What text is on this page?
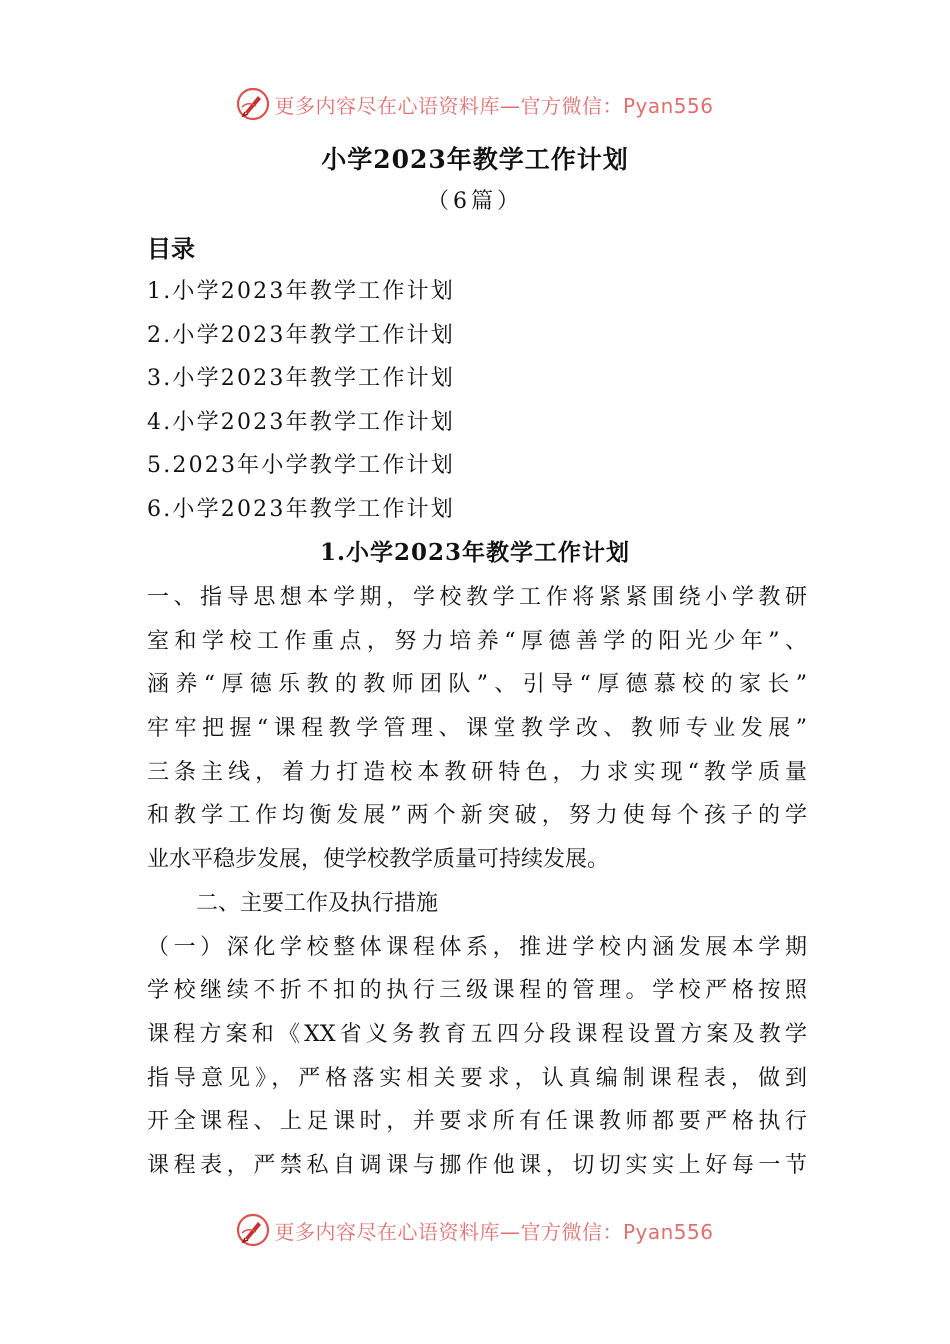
更多内容尽在心语资料库—官方微信：Pyan556
小学2023年教学工作计划
（6篇）
目录
1.小学2023年教学工作计划
2.小学2023年教学工作计划
3.小学2023年教学工作计划
4.小学2023年教学工作计划
5.2023年小学教学工作计划
6.小学2023年教学工作计划
1.小学2023年教学工作计划
一、指导思想本学期，学校教学工作将紧紧围绕小学教研
室和学校工作重点，努力培养“厚德善学的阳光少年”、
涵养“厚德乐教的教师团队”、引导“厚德慕校的家长”
牢牢把握“课程教学管理、课堂教学改、教师专业发展”
三条主线，着力打造校本教研特色，力求实现“教学质量
和教学工作均衡发展”两个新突破，努力使每个孩子的学
业水平稳步发展，使学校教学质量可持续发展。
二、主要工作及执行措施
（一）深化学校整体课程体系，推进学校内涵发展本学期
学校继续不折不扣的执行三级课程的管理。学校严格按照
课程方案和《XX省义务教育五四分段课程设置方案及教学
指导意见》，严格落实相关要求，认真编制课程表，做到
开全课程、上足课时，并要求所有任课教师都要严格执行
课程表，严禁私自调课与挪作他课，切切实实上好每一节
更多内容尽在心语资料库—官方微信：Pyan556
